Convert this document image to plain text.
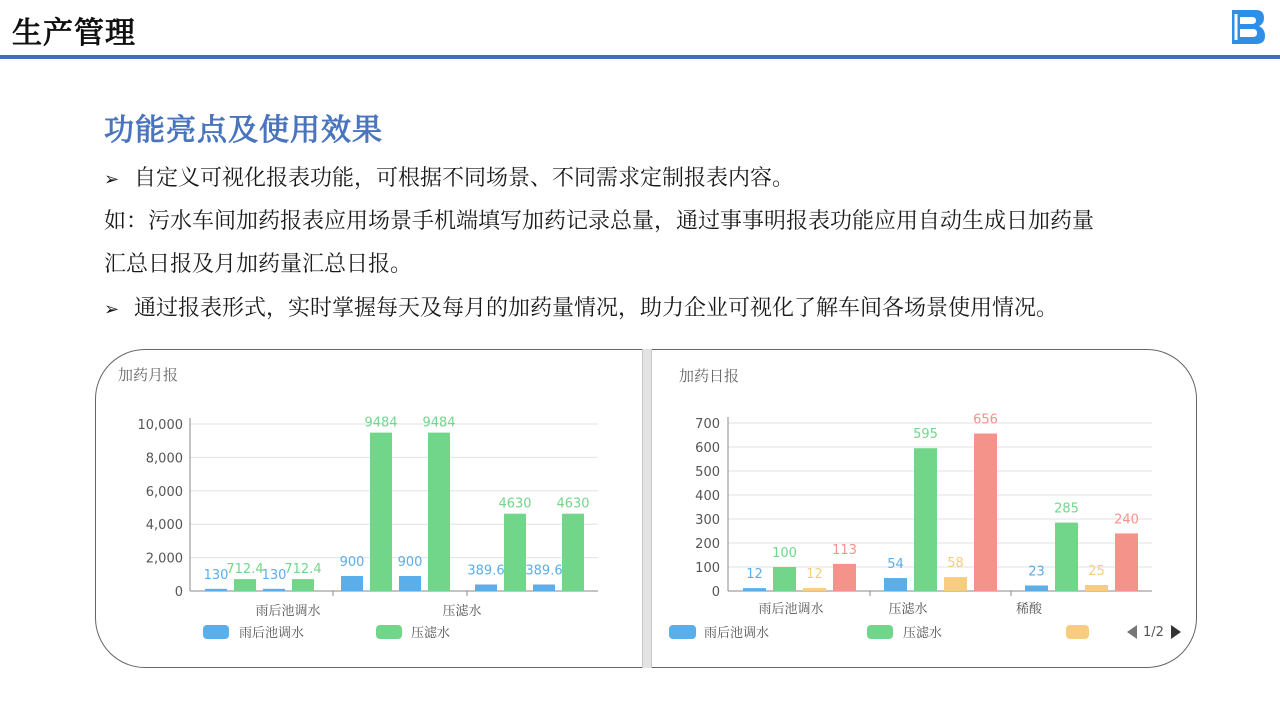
生产管理
功能亮点及使用效果
➢ 自定义可视化报表功能，可根据不同场景、不同需求定制报表内容。
如：污水车间加药报表应用场景手机端填写加药记录总量，通过事事明报表功能应用自动生成日加药量
汇总日报及月加药量汇总日报。
➢ 通过报表形式，实时掌握每天及每月的加药量情况，助力企业可视化了解车间各场景使用情况。
加药月报
0
2,000
4,000
6,000
8,000
10,000
130
712.4
130
712.4 900
9484
900
9484
389.6
4630
389.6
4630
雨后池调水	压滤水
雨后池调水	压滤水
加药日报
0
100
200
300
400
500
600
700
12
100
12
113
54
595
58
656
23
285
25
240
雨后池调水	压滤水	稀酸
雨后池调水	压滤水	1/2
